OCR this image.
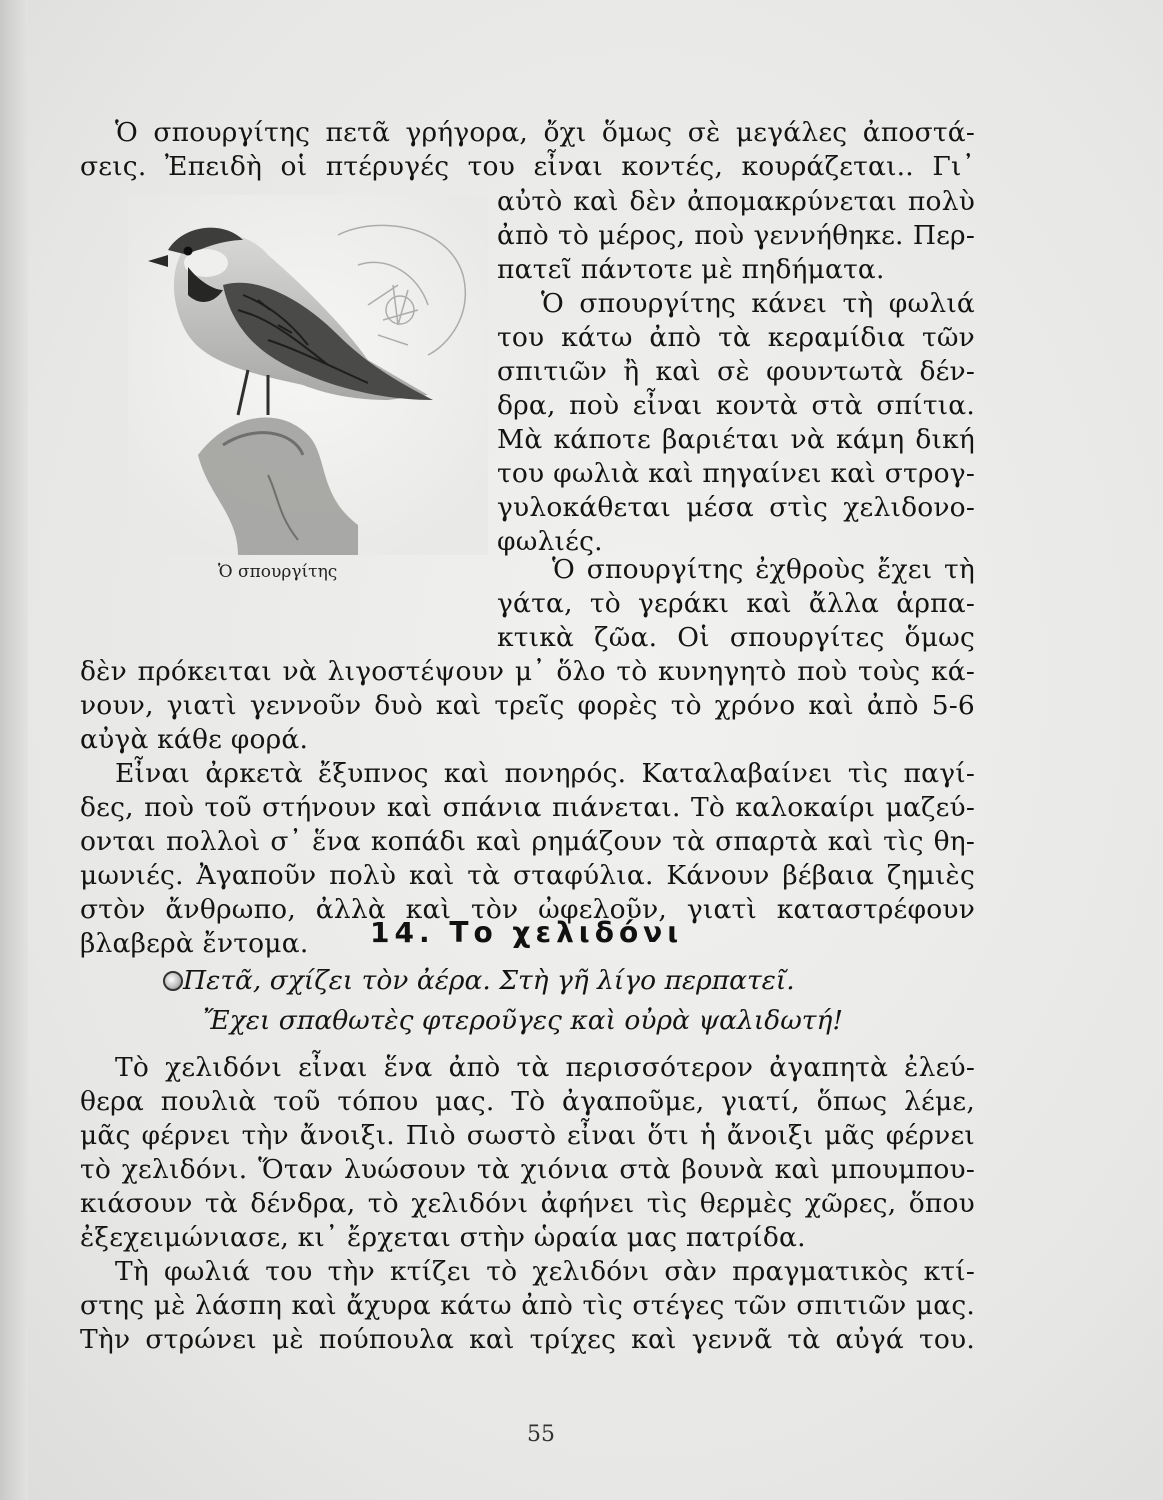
Ὁ σπουργίτης πετᾶ γρήγορα, ὄχι ὅμως σὲ μεγάλες ἀποστά-
σεις. Ἐπειδὴ οἱ πτέρυγές του εἶναι κοντές, κουράζεται.. Γι᾽
αὐτὸ καὶ δὲν ἀπομακρύνεται πολὺ
ἀπὸ τὸ μέρος, ποὺ γεννήθηκε. Περ-
πατεῖ πάντοτε μὲ πηδήματα.
Ὁ σπουργίτης κάνει τὴ φωλιά
του κάτω ἀπὸ τὰ κεραμίδια τῶν
σπιτιῶν ἢ καὶ σὲ φουντωτὰ δέν-
δρα, ποὺ εἶναι κοντὰ στὰ σπίτια.
Μὰ κάποτε βαριέται νὰ κάμη δική
του φωλιὰ καὶ πηγαίνει καὶ στρογ-
γυλοκάθεται μέσα στὶς χελιδονο-
φωλιές.
Ὁ σπουργίτης ἐχθροὺς ἔχει τὴ
γάτα, τὸ γεράκι καὶ ἄλλα ἁρπα-
κτικὰ ζῶα. Οἱ σπουργίτες ὅμως
δὲν πρόκειται νὰ λιγοστέψουν μ᾽ ὅλο τὸ κυνηγητὸ ποὺ τοὺς κά-
νουν, γιατὶ γεννοῦν δυὸ καὶ τρεῖς φορὲς τὸ χρόνο καὶ ἀπὸ 5-6
αὐγὰ κάθε φορά.
Εἶναι ἀρκετὰ ἔξυπνος καὶ πονηρός. Καταλαβαίνει τὶς παγί-
δες, ποὺ τοῦ στήνουν καὶ σπάνια πιάνεται. Τὸ καλοκαίρι μαζεύ-
ονται πολλοὶ σ᾽ ἕνα κοπάδι καὶ ρημάζουν τὰ σπαρτὰ καὶ τὶς θη-
μωνιές. Ἀγαποῦν πολὺ καὶ τὰ σταφύλια. Κάνουν βέβαια ζημιὲς
στὸν ἄνθρωπο, ἀλλὰ καὶ τὸν ὠφελοῦν, γιατὶ καταστρέφουν
βλαβερὰ ἔντομα.
Ὁ σπουργίτης
14. Το χελιδόνι
Πετᾶ, σχίζει τὸν ἀέρα. Στὴ γῆ λίγο περπατεῖ.
Ἔχει σπαθωτὲς φτεροῦγες καὶ οὐρὰ ψαλιδωτή!
Τὸ χελιδόνι εἶναι ἕνα ἀπὸ τὰ περισσότερον ἀγαπητὰ ἐλεύ-
θερα πουλιὰ τοῦ τόπου μας. Τὸ ἀγαποῦμε, γιατί, ὅπως λέμε,
μᾶς φέρνει τὴν ἄνοιξι. Πιὸ σωστὸ εἶναι ὅτι ἡ ἄνοιξι μᾶς φέρνει
τὸ χελιδόνι. Ὅταν λυώσουν τὰ χιόνια στὰ βουνὰ καὶ μπουμπου-
κιάσουν τὰ δένδρα, τὸ χελιδόνι ἀφήνει τὶς θερμὲς χῶρες, ὅπου
ἐξεχειμώνιασε, κι᾽ ἔρχεται στὴν ὡραία μας πατρίδα.
Τὴ φωλιά του τὴν κτίζει τὸ χελιδόνι σὰν πραγματικὸς κτί-
στης μὲ λάσπη καὶ ἄχυρα κάτω ἀπὸ τὶς στέγες τῶν σπιτιῶν μας.
Τὴν στρώνει μὲ πούπουλα καὶ τρίχες καὶ γεννᾶ τὰ αὐγά του.
55
